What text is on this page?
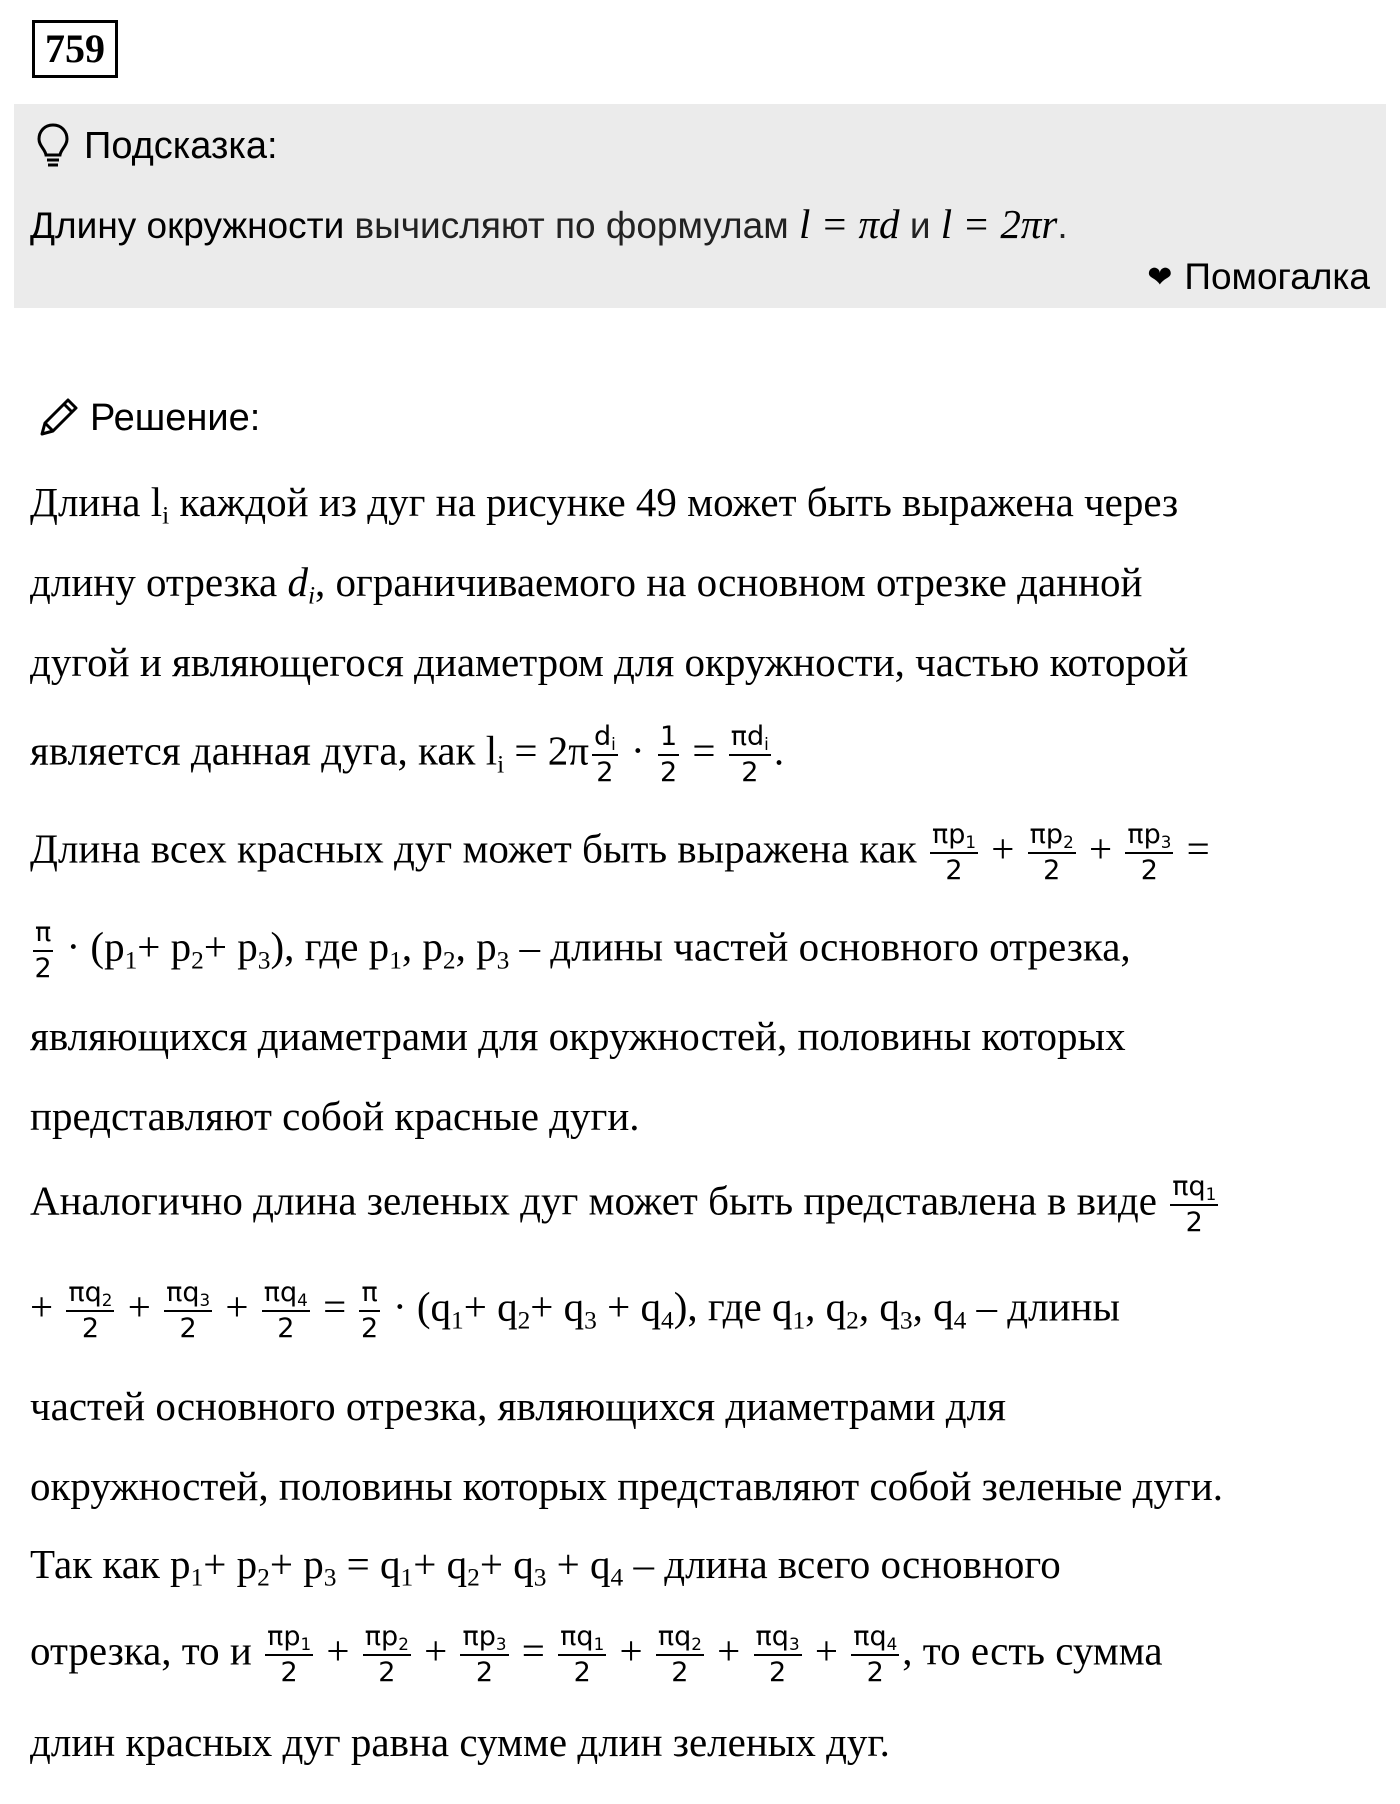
759
Подсказка:
Длину окружности вычисляют по формулам l = πd и l = 2πr.
❤ Помогалка
Решение:
Длина $l_i$ каждой из дуг на рисунке 49 может быть выражена через
длину отрезка $d_i$, ограничиваемого на основном отрезке данной
дугой и являющегося диаметром для окружности, частью которой
является данная дуга, как $l_i = 2\pi \frac{d_i}{2} \cdot \frac{1}{2} = \pi d_i$
2 .
Длина всех красных дуг может быть выражена как $\frac{\pi p_1}{2} + \frac{\pi p_2}{2} + \frac{\pi p_3}{2}$ =
$\frac{\pi}{2} \cdot (p_1+ p_2+ p_3)$, где $p_1$, $p_2$, $p_3$ – длины частей основного отрезка,
являющихся диаметрами для окружностей, половины которых
представляют собой красные дуги.
Аналогично длина зеленых дуг может быть представлена в виде $\frac{\pi q_1}{2}$
+ $\frac{\pi q_2}{2} + \frac{\pi q_3}{2} + \frac{\pi q_4}{2} = \frac{\pi}{2} \cdot (q_1+ q_2+ q_3 + q_4)$, где $q_1$, $q_2$, $q_3$, $q_4$ – длины
частей основного отрезка, являющихся диаметрами для
окружностей, половины которых представляют собой зеленые дуги.
Так как $p_1+ p_2+ p_3 = q_1+ q_2+ q_3 + q_4$ – длина всего основного
отрезка, то и $\frac{\pi p_1}{2} + \frac{\pi p_2}{2} + \frac{\pi p_3}{2} = \frac{\pi q_1}{2} + \frac{\pi q_2}{2} + \frac{\pi q_3}{2} + \frac{\pi q_4}{2}$ , то есть сумма
длин красных дуг равна сумме длин зеленых дуг.
